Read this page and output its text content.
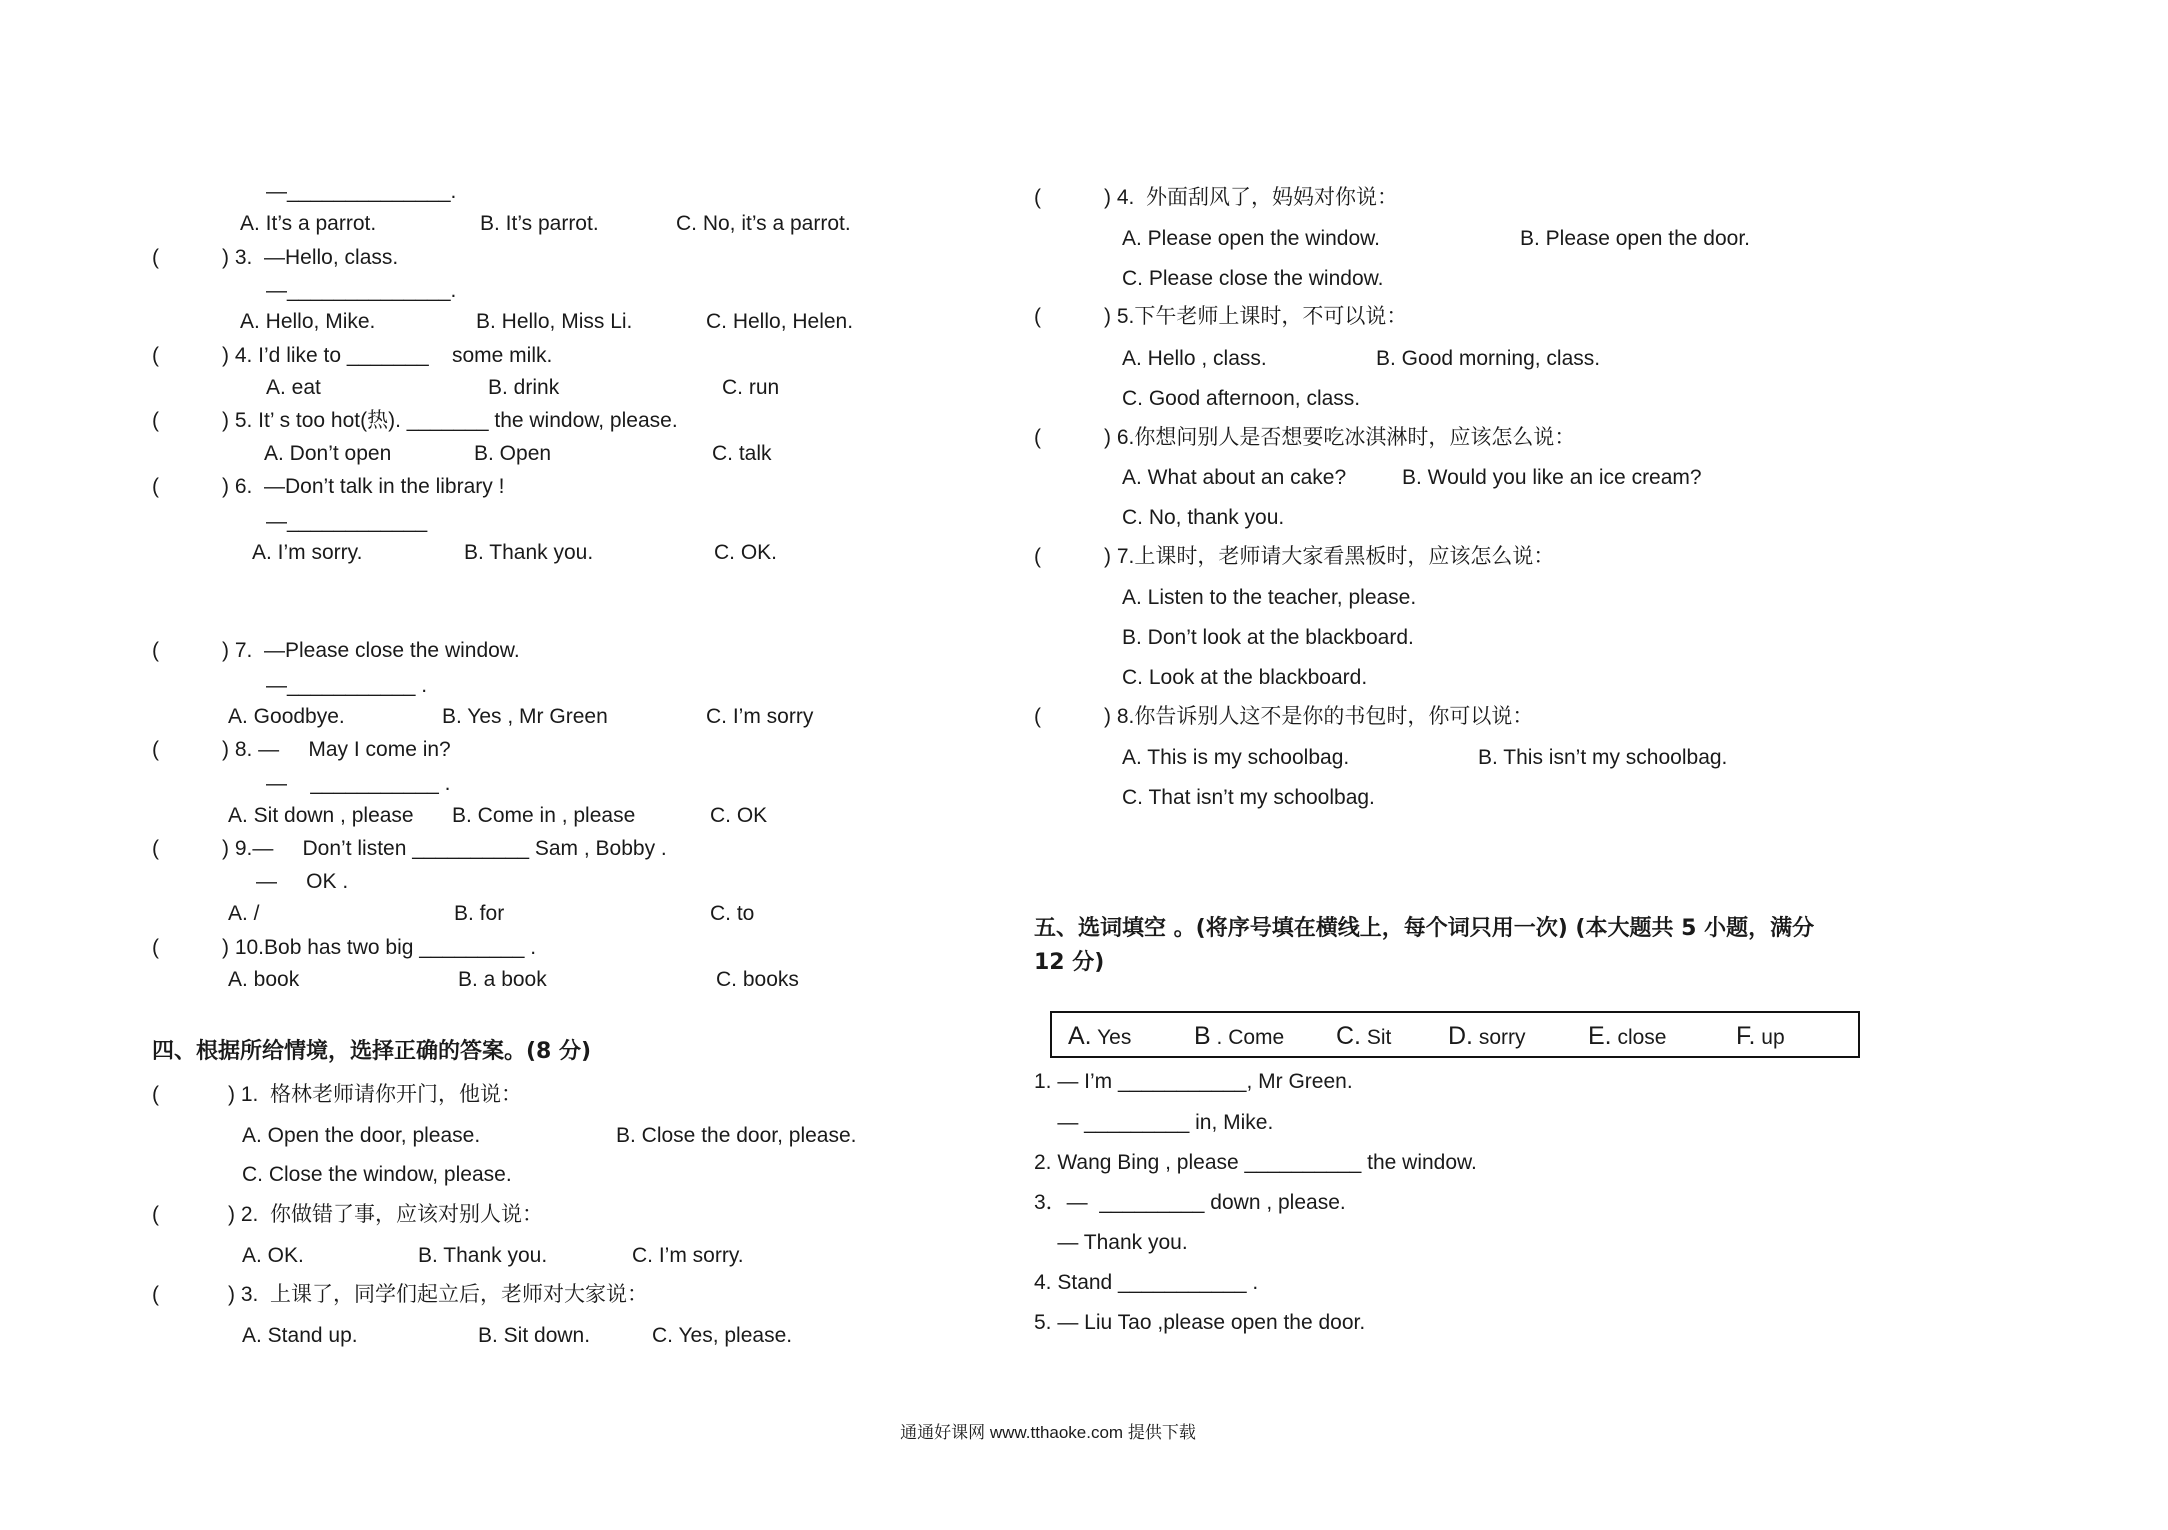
—______________.
A. It’s a parrot.	B. It’s parrot.	C. No, it’s a parrot.
(	) 3.  —Hello, class.
—______________.
A. Hello, Mike.	B. Hello, Miss Li.	C. Hello, Helen.
(	) 4. I’d like to _______    some milk.
A. eat	B. drink	C. run
(	) 5. It’ s too hot(热). _______ the window, please.
A. Don’t open	B. Open	C. talk
(	) 6.  —Don’t talk in the library !
—____________
A. I’m sorry.	B. Thank you.	C. OK.
(	) 7.  —Please close the window.
—___________ .
A. Goodbye.	B. Yes , Mr Green	C. I’m sorry
(	) 8. —     May I come in?
—    ___________ .
A. Sit down , please B. Come in , please	C. OK
(	) 9.—     Don’t listen __________ Sam , Bobby .
—     OK .
A. /	B. for	C. to
(	) 10.Bob has two big _________ .
A. book	B. a book	C. books
四、根据所给情境，选择正确的答案。(8 分)
(	) 1.  格林老师请你开门，他说：
A. Open the door, please.	B. Close the door, please.
C. Close the window, please.
(	) 2.  你做错了事，应该对别人说：
A. OK.	B. Thank you.	C. I’m sorry.
(	) 3.  上课了，同学们起立后，老师对大家说：
A. Stand up.	B. Sit down.	C. Yes, please.
(	) 4.  外面刮风了，妈妈对你说：
A. Please open the window.	B. Please open the door.
C. Please close the window.
(	) 5.下午老师上课时，不可以说：
A. Hello , class.	B. Good morning, class.
C. Good afternoon, class.
(	) 6.你想问别人是否想要吃冰淇淋时，应该怎么说：
A. What about an cake?	B. Would you like an ice cream?
C. No, thank you.
(	) 7.上课时，老师请大家看黑板时，应该怎么说：
A. Listen to the teacher, please.
B. Don’t look at the blackboard.
C. Look at the blackboard.
(	) 8.你告诉别人这不是你的书包时，你可以说：
A. This is my schoolbag.	B. This isn’t my schoolbag.
C. That isn’t my schoolbag.
五、选词填空 。(将序号填在横线上，每个词只用一次) (本大题共 5 小题，满分
12 分)
A. Yes	B . Come C. Sit D. sorry	E. close	F. up
1. — I’m ___________, Mr Green.
— _________ in, Mike.
2. Wang Bing , please __________ the window.
3．—  _________ down , please.
— Thank you.
4. Stand ___________ .
5. — Liu Tao ,please open the door.
通通好课网 www.tthaoke.com 提供下载
